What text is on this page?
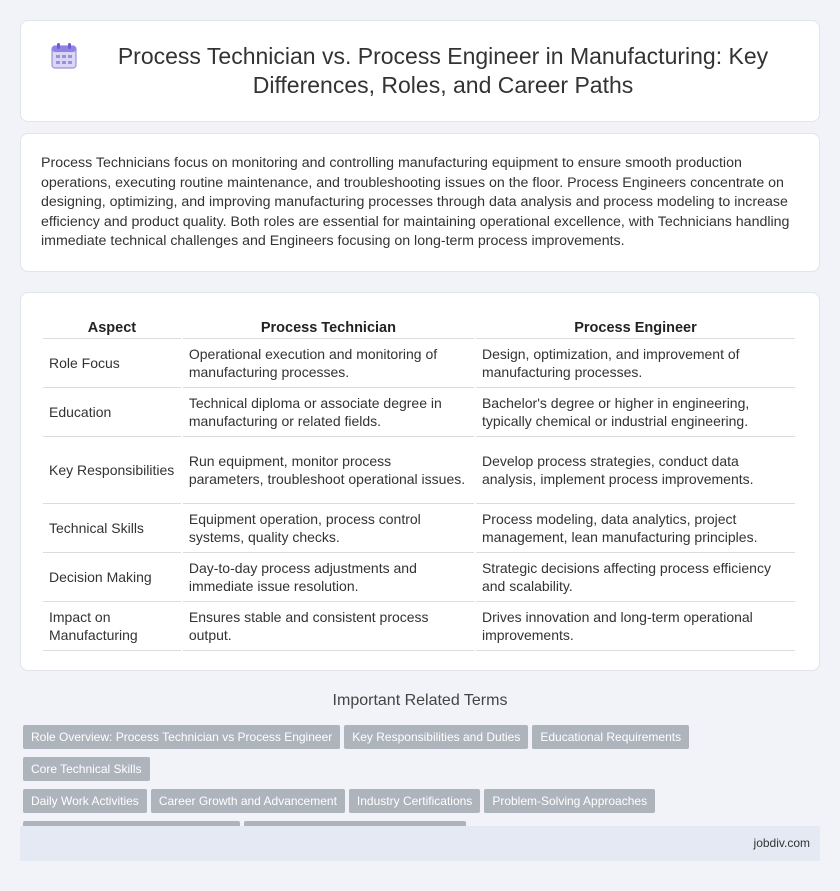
Process Technician vs. Process Engineer in Manufacturing: Key Differences, Roles, and Career Paths

Process Technicians focus on monitoring and controlling manufacturing equipment to ensure smooth production operations, executing routine maintenance, and troubleshooting issues on the floor. Process Engineers concentrate on designing, optimizing, and improving manufacturing processes through data analysis and process modeling to increase efficiency and product quality. Both roles are essential for maintaining operational excellence, with Technicians handling immediate technical challenges and Engineers focusing on long-term process improvements.

Aspect	Process Technician	Process Engineer
Role Focus	Operational execution and monitoring of manufacturing processes.	Design, optimization, and improvement of manufacturing processes.
Education	Technical diploma or associate degree in manufacturing or related fields.	Bachelor's degree or higher in engineering, typically chemical or industrial engineering.
Key Responsibilities	Run equipment, monitor process parameters, troubleshoot operational issues.	Develop process strategies, conduct data analysis, implement process improvements.
Technical Skills	Equipment operation, process control systems, quality checks.	Process modeling, data analytics, project management, lean manufacturing principles.
Decision Making	Day-to-day process adjustments and immediate issue resolution.	Strategic decisions affecting process efficiency and scalability.
Impact on Manufacturing	Ensures stable and consistent process output.	Drives innovation and long-term operational improvements.
Important Related Terms
Role Overview: Process Technician vs Process Engineer Key Responsibilities and Duties Educational RequirementsCore Technical Skills
Daily Work Activities Career Growth and Advancement Industry Certifications Problem-Solving Approaches

jobdiv.com
